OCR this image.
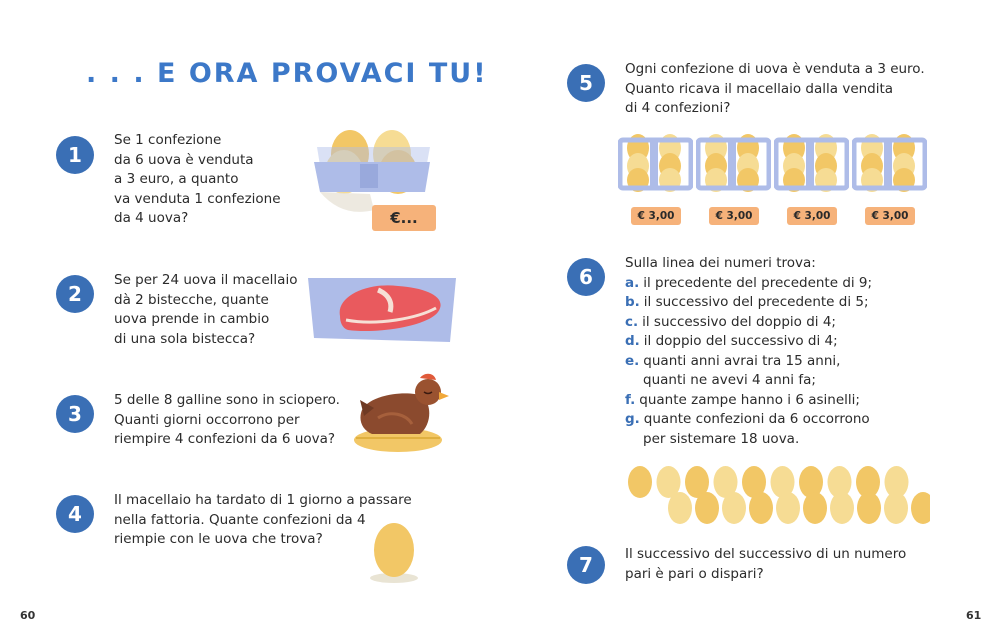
. . . E ORA PROVACI TU!
1
Se 1 confezione
da 6 uova è venduta
a 3 euro, a quanto
va venduta 1 confezione
da 4 uova?	€...
2
Se per 24 uova il macellaio
dà 2 bistecche, quante
uova prende in cambio
di una sola bistecca?
3
5 delle 8 galline sono in sciopero.
Quanti giorni occorrono per
riempire 4 confezioni da 6 uova?
4
Il macellaio ha tardato di 1 giorno a passare
nella fattoria. Quante confezioni da 4
riempie con le uova che trova?
60
5
Ogni confezione di uova è venduta a 3 euro.
Quanto ricava il macellaio dalla vendita
di 4 confezioni?
€ 3,00	€ 3,00	€ 3,00	€ 3,00
6
Sulla linea dei numeri trova:
a. il precedente del precedente di 9;
b. il successivo del precedente di 5;
c. il successivo del doppio di 4;
d. il doppio del successivo di 4;
e. quanti anni avrai tra 15 anni,
quanti ne avevi 4 anni fa;
f. quante zampe hanno i 6 asinelli;
g. quante confezioni da 6 occorrono
per sistemare 18 uova.
7	Il successivo del successivo di un numero
pari è pari o dispari?
61
